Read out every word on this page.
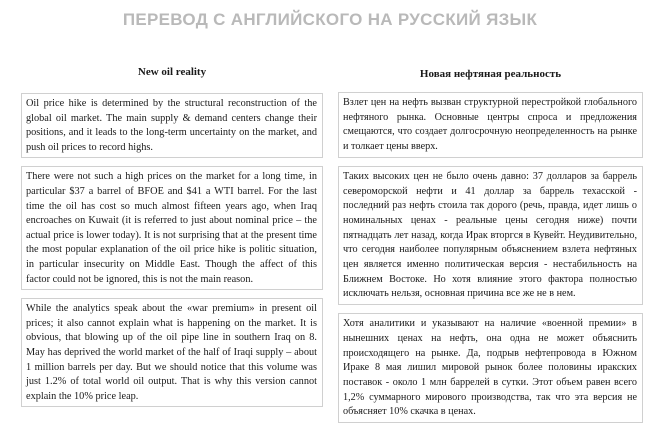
ПЕРЕВОД С АНГЛИЙСКОГО НА РУССКИЙ ЯЗЫК
New oil reality

Oil price hike is determined by the structural reconstruction of the global oil market. The main supply & demand centers change their positions, and it leads to the long-term uncertainty on the market, and push oil prices to record highs.

There were not such a high prices on the market for a long time, in particular $37 a barrel of BFOE and $41 a WTI barrel. For the last time the oil has cost so much almost fifteen years ago, when Iraq encroaches on Kuwait (it is referred to just about nominal price – the actual price is lower today). It is not surprising that at the present time the most popular explanation of the oil price hike is politic situation, in particular insecurity on Middle East. Though the affect of this factor could not be ignored, this is not the main reason.

While the analytics speak about the «war premium» in present oil prices; it also cannot explain what is happening on the market. It is obvious, that blowing up of the oil pipe line in southern Iraq on 8. May has deprived the world market of the half of Iraqi supply – about 1 million barrels per day. But we should notice that this volume was just 1.2% of total world oil output. That is why this version cannot explain the 10% price leap.

Новая нефтяная реальность

Взлет цен на нефть вызван структурной перестройкой глобального нефтяного рынка. Основные центры спроса и предложения смещаются, что создает долгосрочную неопределенность на рынке и толкает цены вверх.

Таких высоких цен не было очень давно: 37 долларов за баррель североморской нефти и 41 доллар за баррель техасской - последний раз нефть стоила так дорого (речь, правда, идет лишь о номинальных ценах - реальные цены сегодня ниже) почти пятнадцать лет назад, когда Ирак вторгся в Кувейт. Неудивительно, что сегодня наиболее популярным объяснением взлета нефтяных цен является именно политическая версия - нестабильность на Ближнем Востоке. Но хотя влияние этого фактора полностью исключать нельзя, основная причина все же не в нем.

Хотя аналитики и указывают на наличие «военной премии» в нынешних ценах на нефть, она одна не может объяснить происходящего на рынке. Да, подрыв нефтепровода в Южном Ираке 8 мая лишил мировой рынок более половины иракских поставок - около 1 млн баррелей в сутки. Этот объем равен всего 1,2% суммарного мирового производства, так что эта версия не объясняет 10% скачка в ценах.
